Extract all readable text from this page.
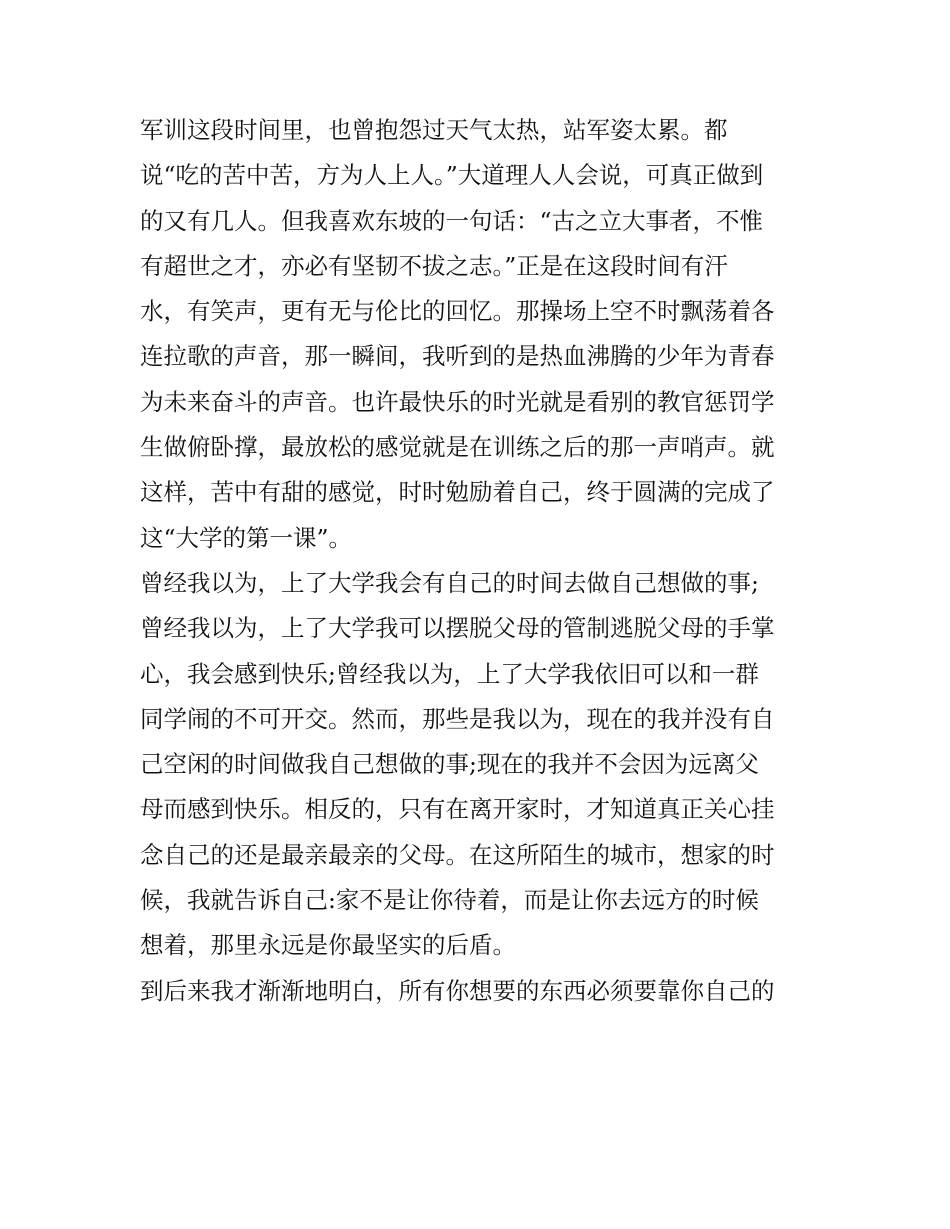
军训这段时间里，也曾抱怨过天气太热，站军姿太累。都
说“吃的苦中苦，方为人上人。”大道理人人会说，可真正做到
的又有几人。但我喜欢东坡的一句话：“古之立大事者，不惟
有超世之才，亦必有坚韧不拔之志。”正是在这段时间有汗
水，有笑声，更有无与伦比的回忆。那操场上空不时飘荡着各
连拉歌的声音，那一瞬间，我听到的是热血沸腾的少年为青春
为未来奋斗的声音。也许最快乐的时光就是看别的教官惩罚学
生做俯卧撑，最放松的感觉就是在训练之后的那一声哨声。就
这样，苦中有甜的感觉，时时勉励着自己，终于圆满的完成了
这“大学的第一课”。
曾经我以为，上了大学我会有自己的时间去做自己想做的事;
曾经我以为，上了大学我可以摆脱父母的管制逃脱父母的手掌
心，我会感到快乐;曾经我以为，上了大学我依旧可以和一群
同学闹的不可开交。然而，那些是我以为，现在的我并没有自
己空闲的时间做我自己想做的事;现在的我并不会因为远离父
母而感到快乐。相反的，只有在离开家时，才知道真正关心挂
念自己的还是最亲最亲的父母。在这所陌生的城市，想家的时
候，我就告诉自己:家不是让你待着，而是让你去远方的时候
想着，那里永远是你最坚实的后盾。
到后来我才渐渐地明白，所有你想要的东西必须要靠你自己的
